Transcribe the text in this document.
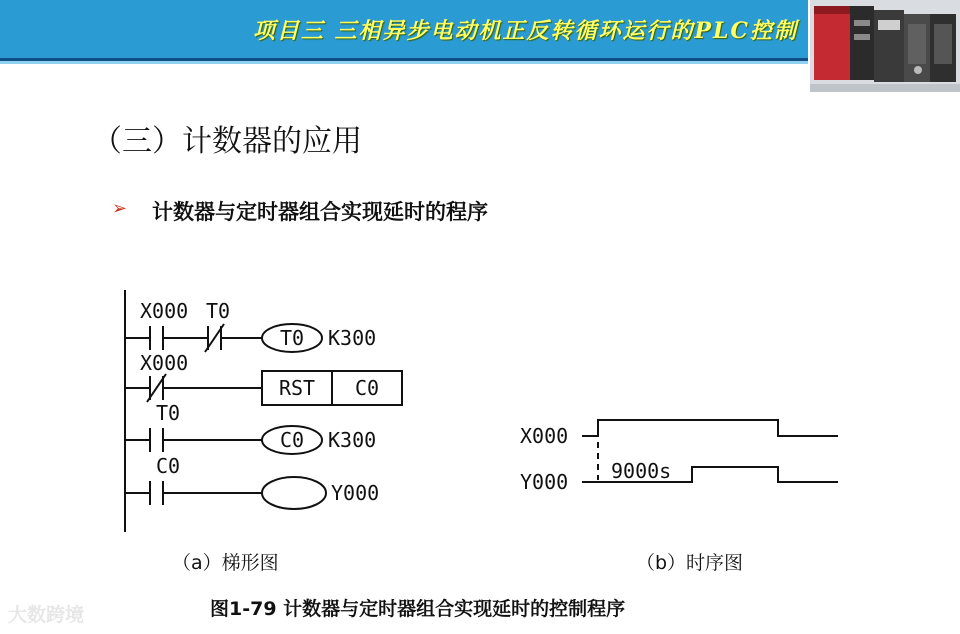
项目三 三相异步电动机正反转循环运行的PLC控制
（三）计数器的应用
➢ 计数器与定时器组合实现延时的程序
X000 T0
T0 K300
X000
RST C0
T0
C0 K300
C0
Y000
X000
Y000 9000s
（a）梯形图	（b）时序图
图1-79 计数器与定时器组合实现延时的控制程序
大数跨境
